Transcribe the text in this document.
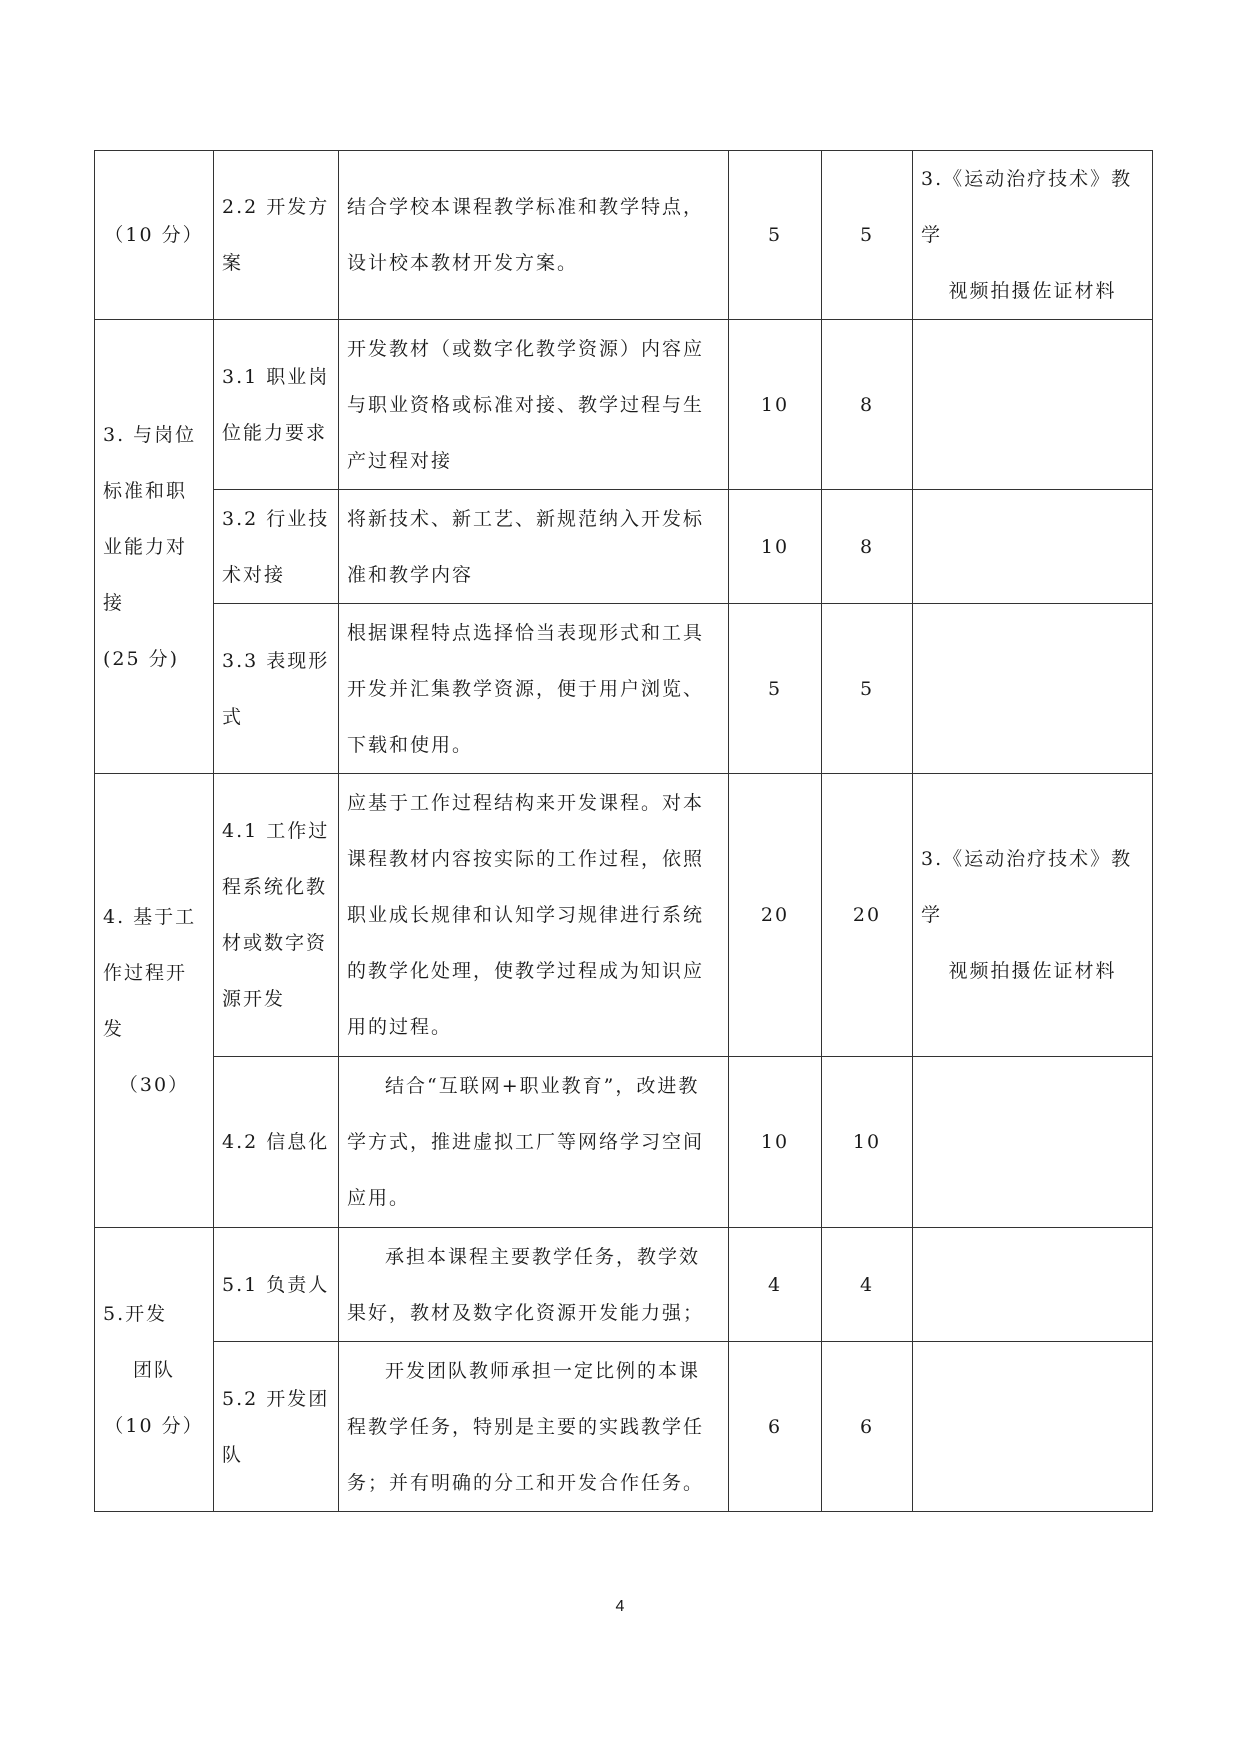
（10 分）	2.2 开发方案	结合学校本课程教学标准和教学特点，设计校本教材开发方案。	5	5	3.《运动治疗技术》教学
视频拍摄佐证材料

3. 与岗位标准和职业能力对接
(25 分)	3.1 职业岗位能力要求	开发教材（或数字化教学资源）内容应与职业资格或标准对接、教学过程与生产过程对接	10	8	
	3.2 行业技术对接	将新技术、新工艺、新规范纳入开发标准和教学内容	10	8	
	3.3 表现形式	根据课程特点选择恰当表现形式和工具开发并汇集教学资源，便于用户浏览、下载和使用。	5	5	

4. 基于工作过程开发
（30）	4.1 工作过程系统化教材或数字资源开发	应基于工作过程结构来开发课程。对本课程教材内容按实际的工作过程，依照职业成长规律和认知学习规律进行系统的教学化处理，使教学过程成为知识应用的过程。	20	20	3.《运动治疗技术》教学
视频拍摄佐证材料

	4.2 信息化	结合“互联网+职业教育”，改进教学方式，推进虚拟工厂等网络学习空间应用。	10	10	

5.开发
团队
（10 分）	5.1 负责人	承担本课程主要教学任务，教学效果好，教材及数字化资源开发能力强；	4	4	
	5.2 开发团队	开发团队教师承担一定比例的本课程教学任务，特别是主要的实践教学任务；并有明确的分工和开发合作任务。	6	6	
4
